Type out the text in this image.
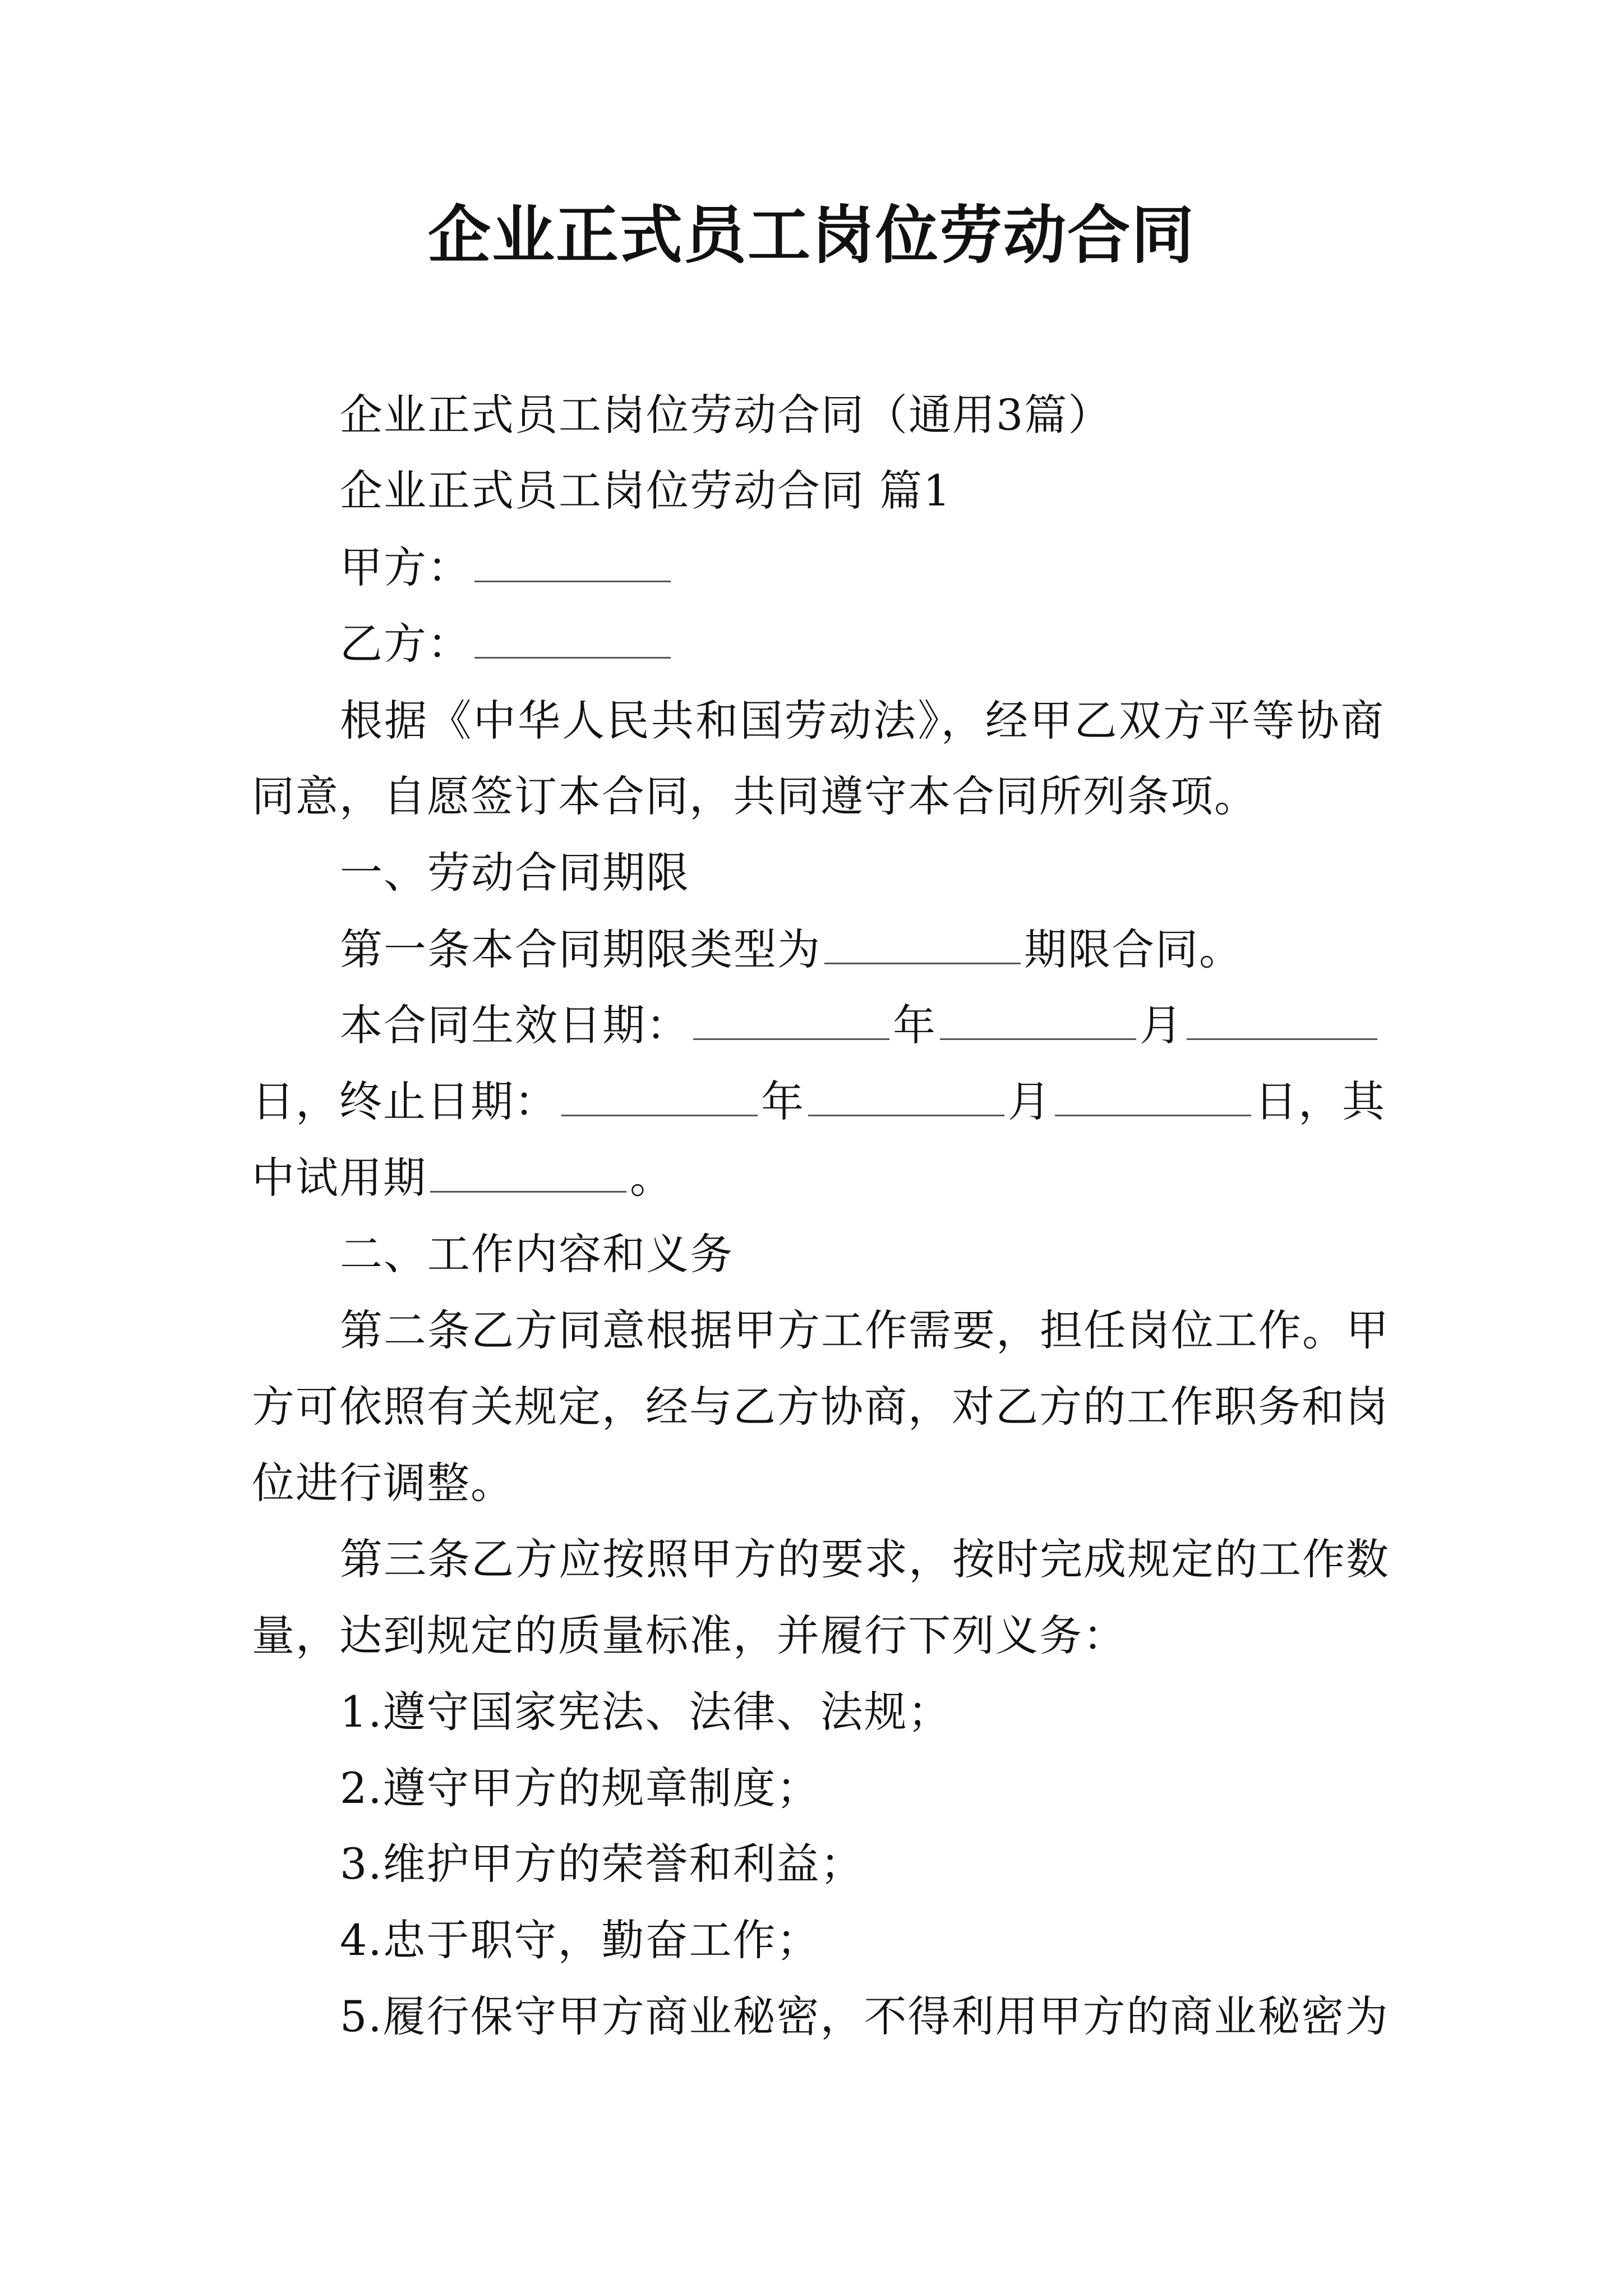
企业正式员工岗位劳动合同
企业正式员工岗位劳动合同（通用3篇）
企业正式员工岗位劳动合同 篇1
甲方：
乙方：
根据《中华人民共和国劳动法》，经甲乙双方平等协商
同意，自愿签订本合同，共同遵守本合同所列条项。
一、劳动合同期限
第一条本合同期限类型为	期限合同。
本合同生效日期：	年	月
日，终止日期：	年	月	日，其
中试用期	。
二、工作内容和义务
第二条乙方同意根据甲方工作需要，担任岗位工作。甲
方可依照有关规定，经与乙方协商，对乙方的工作职务和岗
位进行调整。
第三条乙方应按照甲方的要求，按时完成规定的工作数
量，达到规定的质量标准，并履行下列义务：
1.遵守国家宪法、法律、法规；
2.遵守甲方的规章制度；
3.维护甲方的荣誉和利益；
4.忠于职守，勤奋工作；
5.履行保守甲方商业秘密，不得利用甲方的商业秘密为
